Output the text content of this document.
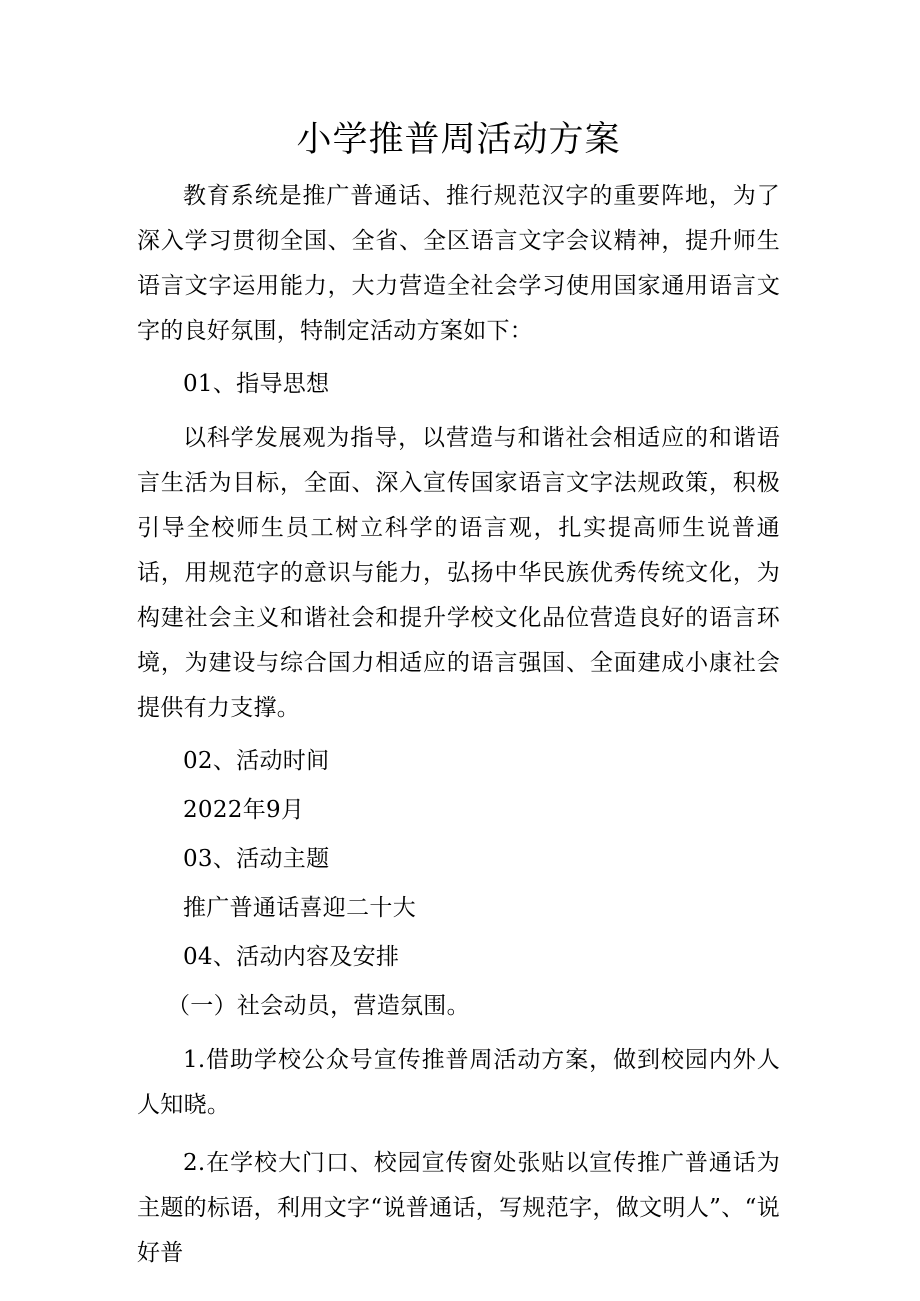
小学推普周活动方案

教育系统是推广普通话、推行规范汉字的重要阵地，为了深入学习贯彻全国、全省、全区语言文字会议精神，提升师生语言文字运用能力，大力营造全社会学习使用国家通用语言文字的良好氛围，特制定活动方案如下：

01、指导思想

以科学发展观为指导，以营造与和谐社会相适应的和谐语言生活为目标，全面、深入宣传国家语言文字法规政策，积极引导全校师生员工树立科学的语言观，扎实提高师生说普通话，用规范字的意识与能力，弘扬中华民族优秀传统文化，为构建社会主义和谐社会和提升学校文化品位营造良好的语言环境，为建设与综合国力相适应的语言强国、全面建成小康社会提供有力支撑。

02、活动时间

2022年9月

03、活动主题

推广普通话喜迎二十大

04、活动内容及安排

（一）社会动员，营造氛围。

1.借助学校公众号宣传推普周活动方案，做到校园内外人人知晓。

2.在学校大门口、校园宣传窗处张贴以宣传推广普通话为主题的标语，利用文字“说普通话，写规范字，做文明人”、“说好普
